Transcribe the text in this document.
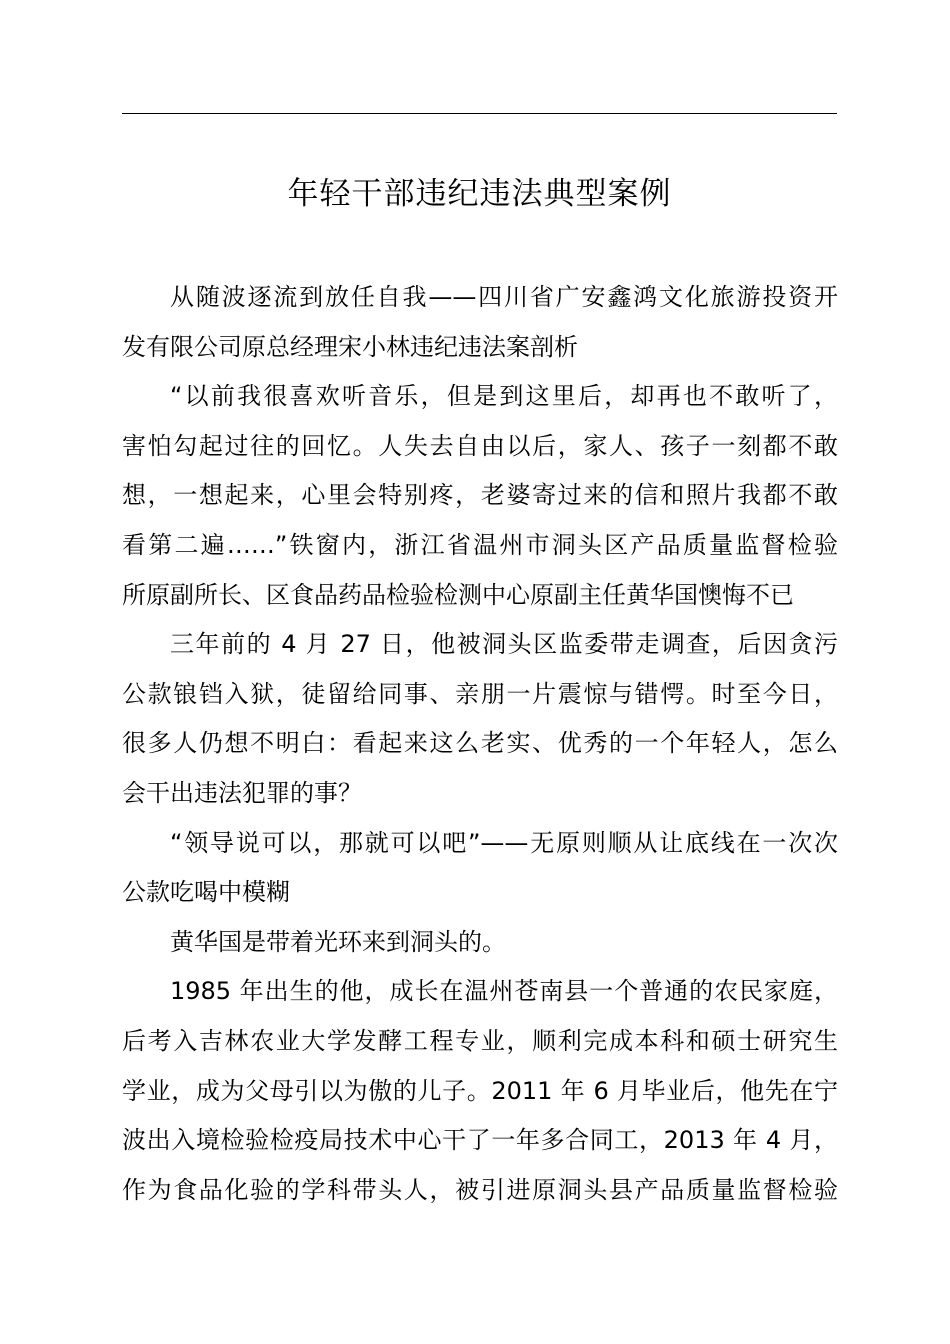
年轻干部违纪违法典型案例

从随波逐流到放任自我——四川省广安鑫鸿文化旅游投资开
发有限公司原总经理宋小林违纪违法案剖析

“以前我很喜欢听音乐，但是到这里后，却再也不敢听了，
害怕勾起过往的回忆。人失去自由以后，家人、孩子一刻都不敢
想，一想起来，心里会特别疼，老婆寄过来的信和照片我都不敢
看第二遍……”铁窗内，浙江省温州市洞头区产品质量监督检验
所原副所长、区食品药品检验检测中心原副主任黄华国懊悔不已

三年前的 4 月 27 日，他被洞头区监委带走调查，后因贪污
公款锒铛入狱，徒留给同事、亲朋一片震惊与错愕。时至今日，
很多人仍想不明白：看起来这么老实、优秀的一个年轻人，怎么
会干出违法犯罪的事？

“领导说可以，那就可以吧”——无原则顺从让底线在一次次
公款吃喝中模糊

黄华国是带着光环来到洞头的。

1985 年出生的他，成长在温州苍南县一个普通的农民家庭，
后考入吉林农业大学发酵工程专业，顺利完成本科和硕士研究生
学业，成为父母引以为傲的儿子。2011 年 6 月毕业后，他先在宁
波出入境检验检疫局技术中心干了一年多合同工，2013 年 4 月，
作为食品化验的学科带头人，被引进原洞头县产品质量监督检验
